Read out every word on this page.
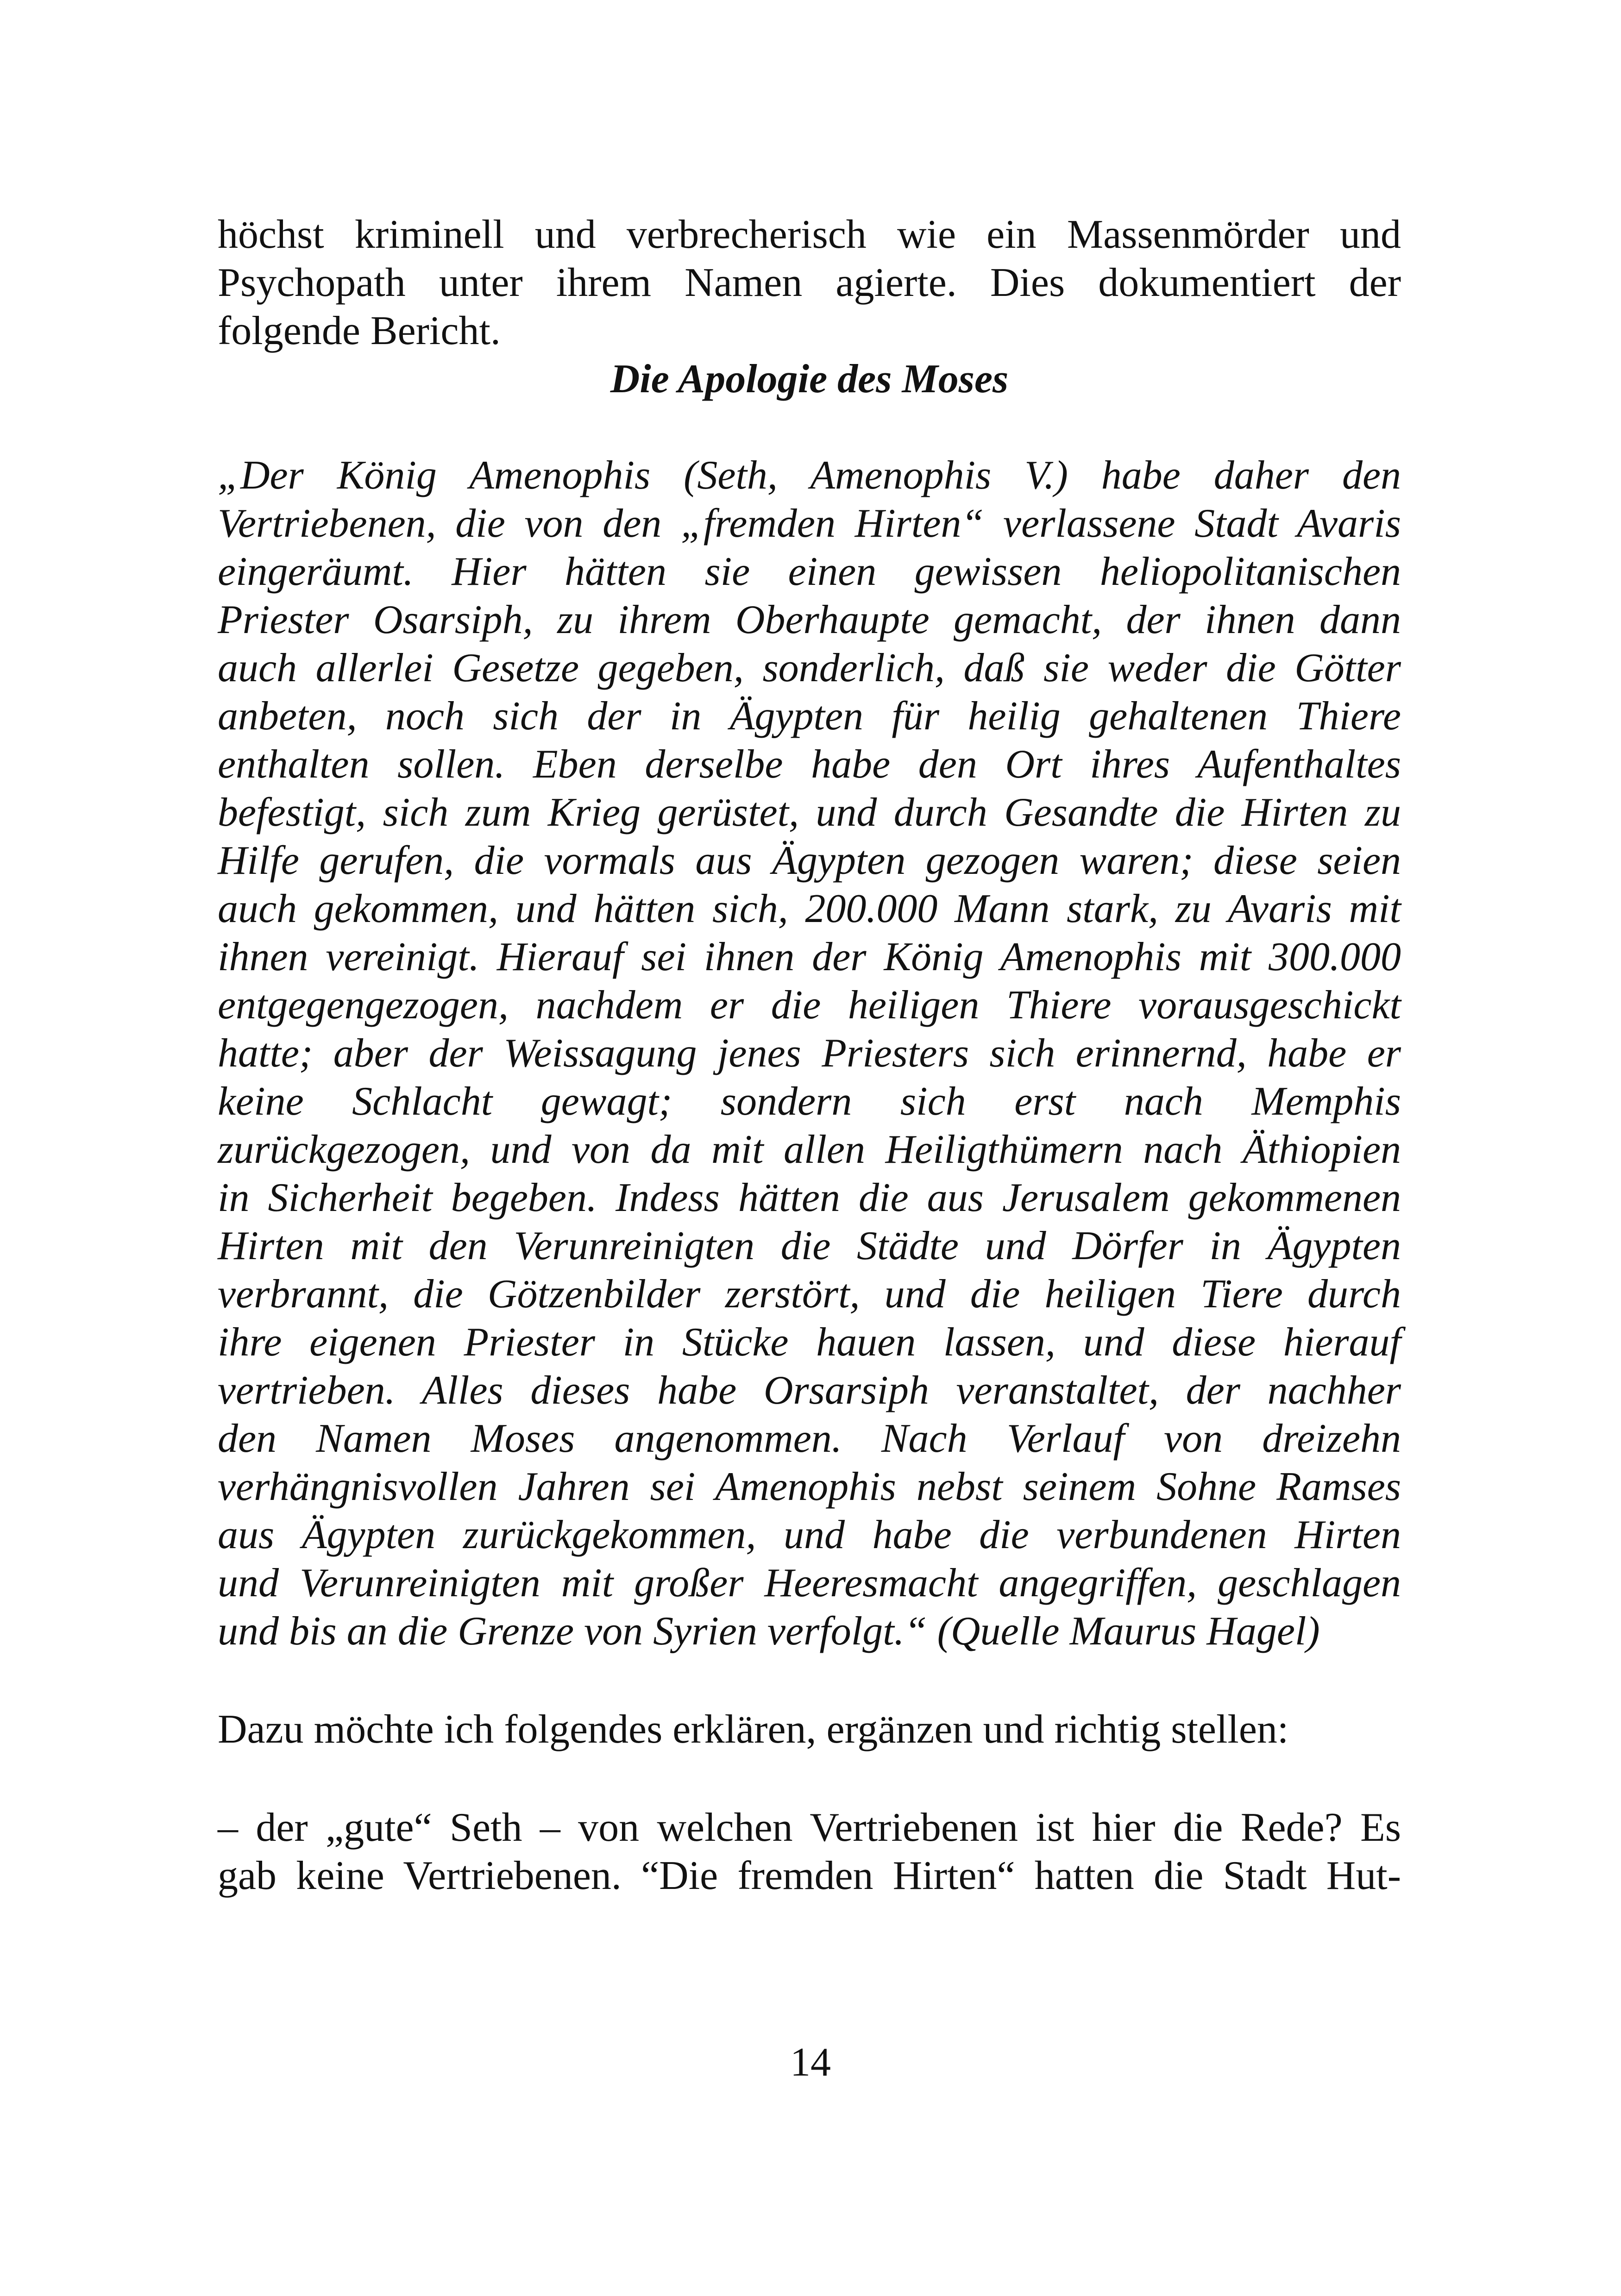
höchst kriminell und verbrecherisch wie ein Massenmörder und
Psychopath unter ihrem Namen agierte. Dies dokumentiert der
folgende Bericht.
Die Apologie des Moses
„Der König Amenophis (Seth, Amenophis V.) habe daher den
Vertriebenen, die von den „fremden Hirten“ verlassene Stadt Avaris
eingeräumt. Hier hätten sie einen gewissen heliopolitanischen
Priester Osarsiph, zu ihrem Oberhaupte gemacht, der ihnen dann
auch allerlei Gesetze gegeben, sonderlich, daß sie weder die Götter
anbeten, noch sich der in Ägypten für heilig gehaltenen Thiere
enthalten sollen. Eben derselbe habe den Ort ihres Aufenthaltes
befestigt, sich zum Krieg gerüstet, und durch Gesandte die Hirten zu
Hilfe gerufen, die vormals aus Ägypten gezogen waren; diese seien
auch gekommen, und hätten sich, 200.000 Mann stark, zu Avaris mit
ihnen vereinigt. Hierauf sei ihnen der König Amenophis mit 300.000
entgegengezogen, nachdem er die heiligen Thiere vorausgeschickt
hatte; aber der Weissagung jenes Priesters sich erinnernd, habe er
keine Schlacht gewagt; sondern sich erst nach Memphis
zurückgezogen, und von da mit allen Heiligthümern nach Äthiopien
in Sicherheit begeben. Indess hätten die aus Jerusalem gekommenen
Hirten mit den Verunreinigten die Städte und Dörfer in Ägypten
verbrannt, die Götzenbilder zerstört, und die heiligen Tiere durch
ihre eigenen Priester in Stücke hauen lassen, und diese hierauf
vertrieben. Alles dieses habe Orsarsiph veranstaltet, der nachher
den Namen Moses angenommen. Nach Verlauf von dreizehn
verhängnisvollen Jahren sei Amenophis nebst seinem Sohne Ramses
aus Ägypten zurückgekommen, und habe die verbundenen Hirten
und Verunreinigten mit großer Heeresmacht angegriffen, geschlagen
und bis an die Grenze von Syrien verfolgt.“ (Quelle Maurus Hagel)
Dazu möchte ich folgendes erklären, ergänzen und richtig stellen:
– der „gute“ Seth – von welchen Vertriebenen ist hier die Rede? Es
gab keine Vertriebenen. “Die fremden Hirten“ hatten die Stadt Hut-
14
